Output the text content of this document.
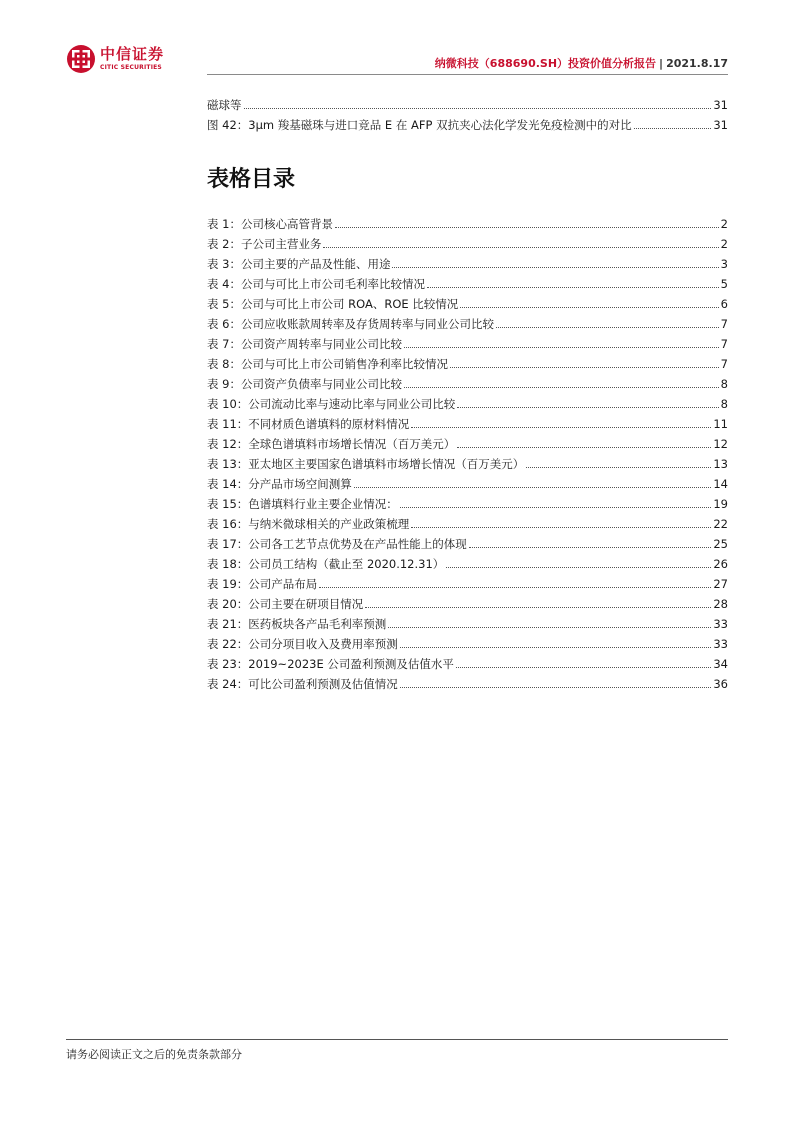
中信证券
CITIC SECURITIES	纳微科技（688690.SH）投资价值分析报告 | 2021.8.17
磁球等	31
图 42：3μm 羧基磁珠与进口竞品 E 在 AFP 双抗夹心法化学发光免疫检测中的对比	31
表格目录
表 1：公司核心高管背景	2
表 2：子公司主营业务	2
表 3：公司主要的产品及性能、用途	3
表 4：公司与可比上市公司毛利率比较情况	5
表 5：公司与可比上市公司 ROA、ROE 比较情况	6
表 6：公司应收账款周转率及存货周转率与同业公司比较	7
表 7：公司资产周转率与同业公司比较	7
表 8：公司与可比上市公司销售净利率比较情况	7
表 9：公司资产负债率与同业公司比较	8
表 10：公司流动比率与速动比率与同业公司比较	8
表 11：不同材质色谱填料的原材料情况	11
表 12：全球色谱填料市场增长情况（百万美元）	12
表 13：亚太地区主要国家色谱填料市场增长情况（百万美元）	13
表 14：分产品市场空间测算	14
表 15：色谱填料行业主要企业情况：	19
表 16：与纳米微球相关的产业政策梳理	22
表 17：公司各工艺节点优势及在产品性能上的体现	25
表 18：公司员工结构（截止至 2020.12.31）	26
表 19：公司产品布局	27
表 20：公司主要在研项目情况	28
表 21：医药板块各产品毛利率预测	33
表 22：公司分项目收入及费用率预测	33
表 23：2019~2023E 公司盈利预测及估值水平	34
表 24：可比公司盈利预测及估值情况	36
请务必阅读正文之后的免责条款部分
